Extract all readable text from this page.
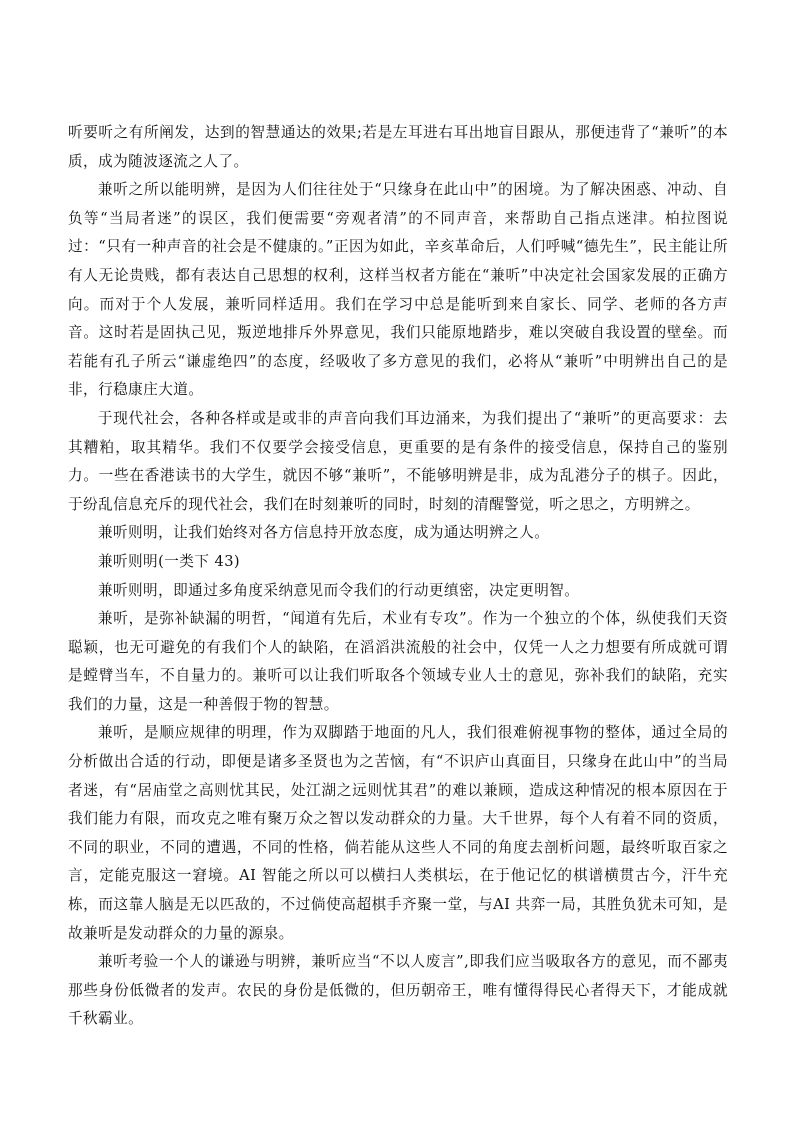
听要听之有所阐发，达到的智慧通达的效果;若是左耳进右耳出地盲目跟从，那便违背了“兼听”的本质，成为随波逐流之人了。

兼听之所以能明辨，是因为人们往往处于“只缘身在此山中”的困境。为了解决困惑、冲动、自负等“当局者迷”的误区，我们便需要“旁观者清”的不同声音，来帮助自己指点迷津。柏拉图说过：“只有一种声音的社会是不健康的。”正因为如此，辛亥革命后，人们呼喊“德先生”，民主能让所有人无论贵贱，都有表达自己思想的权利，这样当权者方能在“兼听”中决定社会国家发展的正确方向。而对于个人发展，兼听同样适用。我们在学习中总是能听到来自家长、同学、老师的各方声音。这时若是固执己见，叛逆地排斥外界意见，我们只能原地踏步，难以突破自我设置的壁垒。而若能有孔子所云“谦虚绝四”的态度，经吸收了多方意见的我们，必将从“兼听”中明辨出自己的是非，行稳康庄大道。

于现代社会，各种各样或是或非的声音向我们耳边涌来，为我们提出了“兼听”的更高要求：去其糟粕，取其精华。我们不仅要学会接受信息，更重要的是有条件的接受信息，保持自己的鉴别力。一些在香港读书的大学生，就因不够“兼听”，不能够明辨是非，成为乱港分子的棋子。因此，于纷乱信息充斥的现代社会，我们在时刻兼听的同时，时刻的清醒警觉，听之思之，方明辨之。

兼听则明，让我们始终对各方信息持开放态度，成为通达明辨之人。

兼听则明(一类下 43)

兼听则明，即通过多角度采纳意见而令我们的行动更缜密，决定更明智。

兼听，是弥补缺漏的明哲，“闻道有先后，术业有专攻”。作为一个独立的个体，纵使我们天资聪颖，也无可避免的有我们个人的缺陷，在滔滔洪流般的社会中，仅凭一人之力想要有所成就可谓是螳臂当车，不自量力的。兼听可以让我们听取各个领域专业人士的意见，弥补我们的缺陷，充实我们的力量，这是一种善假于物的智慧。

兼听，是顺应规律的明理，作为双脚踏于地面的凡人，我们很难俯视事物的整体，通过全局的分析做出合适的行动，即便是诸多圣贤也为之苦恼，有“不识庐山真面目，只缘身在此山中”的当局者迷，有“居庙堂之高则忧其民，处江湖之远则忧其君”的难以兼顾，造成这种情况的根本原因在于我们能力有限，而攻克之唯有聚万众之智以发动群众的力量。大千世界，每个人有着不同的资质，不同的职业，不同的遭遇，不同的性格，倘若能从这些人不同的角度去剖析问题，最终听取百家之言，定能克服这一窘境。AI 智能之所以可以横扫人类棋坛，在于他记忆的棋谱横贯古今，汗牛充栋，而这靠人脑是无以匹敌的，不过倘使高超棋手齐聚一堂，与AI 共弈一局，其胜负犹未可知，是故兼听是发动群众的力量的源泉。

兼听考验一个人的谦逊与明辨，兼听应当“不以人废言”,即我们应当吸取各方的意见，而不鄙夷那些身份低微者的发声。农民的身份是低微的，但历朝帝王，唯有懂得得民心者得天下，才能成就千秋霸业。
